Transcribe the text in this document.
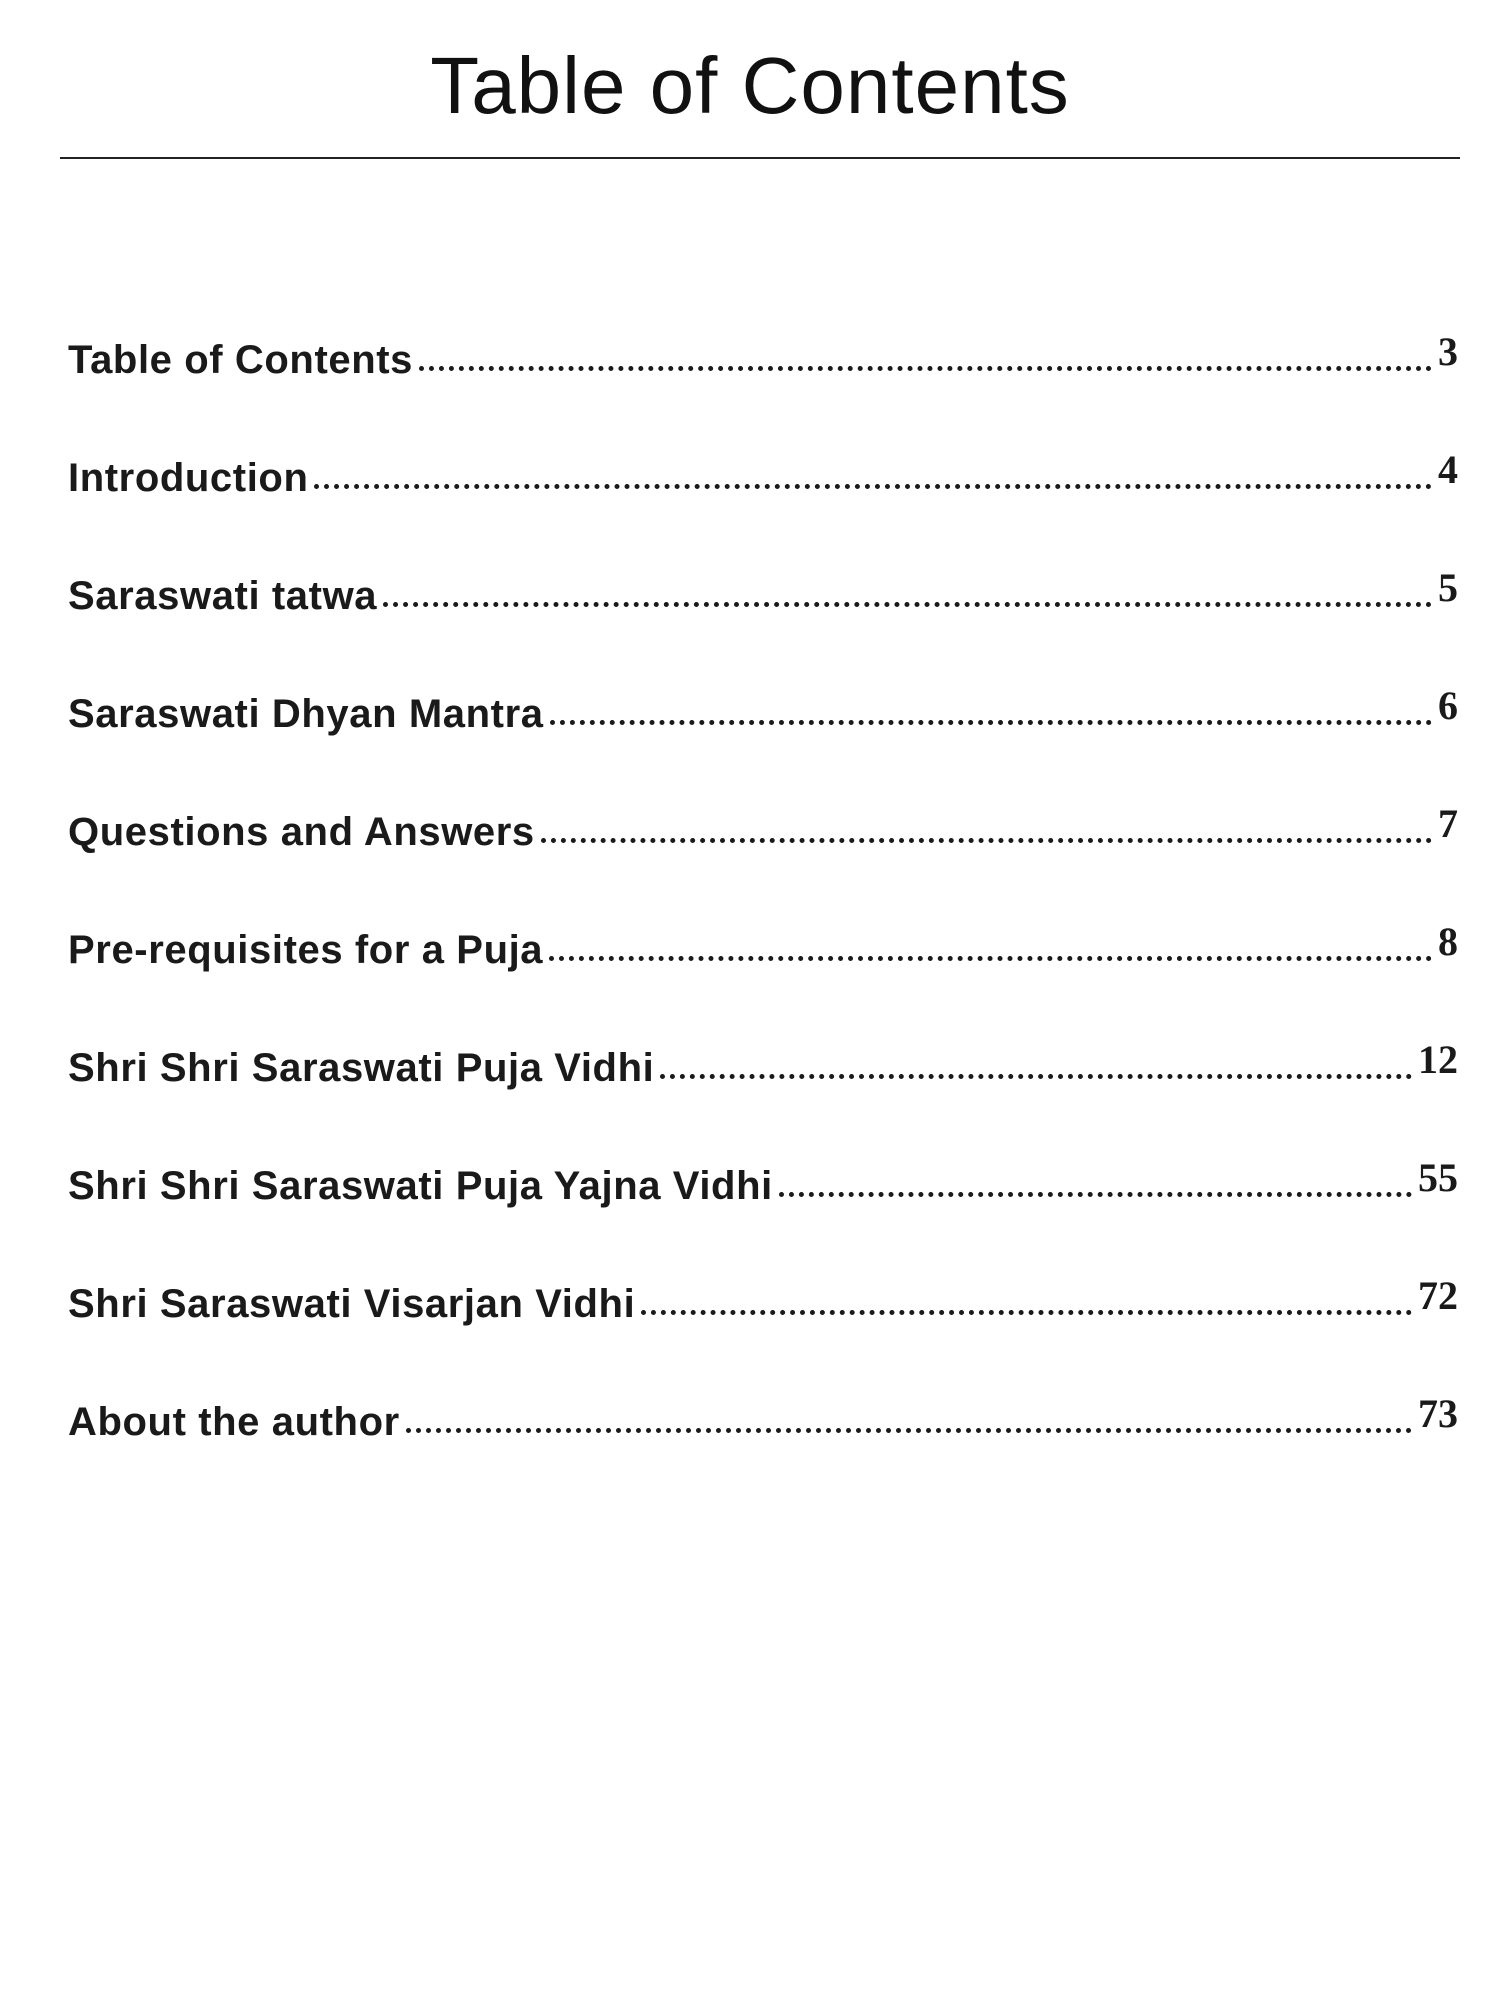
Table of Contents
Table of Contents	3
Introduction	4
Saraswati tatwa	5
Saraswati Dhyan Mantra	6
Questions and Answers	7
Pre-requisites for a Puja	8
Shri Shri Saraswati Puja Vidhi	12
Shri Shri Saraswati Puja Yajna Vidhi	55
Shri Saraswati Visarjan Vidhi	72
About the author	73
